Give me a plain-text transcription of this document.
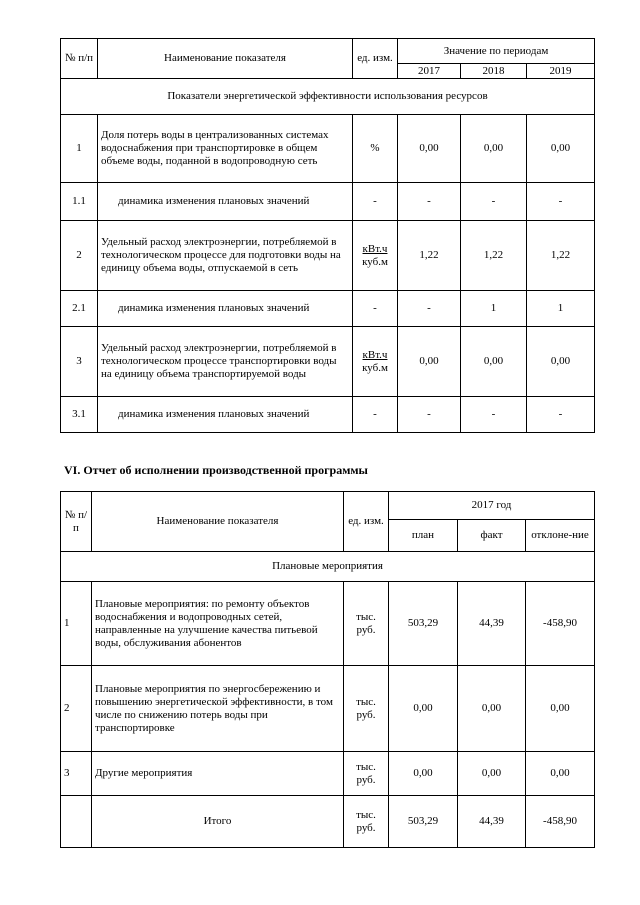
№ п/п	Наименование показателя	ед. изм.	Значение по периодам		
			2017	2018	2019
Показатели энергетической эффективности использования ресурсов					
1	Доля потерь воды в централизованных системах водоснабжения при транспортировке в общем объеме воды, поданной в водопроводную сеть	%	0,00	0,00	0,00
1.1	динамика изменения плановых значений	-	-	-	-
2	Удельный расход электроэнергии, потребляемой в технологическом процессе для подготовки воды на единицу объема воды, отпускаемой в сеть	кВт.ч
куб.м	1,22	1,22	1,22
2.1	динамика изменения плановых значений	-	-	1	1
3	Удельный расход электроэнергии, потребляемой в технологическом процессе транспортировки воды на единицу объема транспортируемой воды	кВт.ч
куб.м	0,00	0,00	0,00
3.1	динамика изменения плановых значений	-	-	-	-
VI. Отчет об исполнении производственной программы
№ п/п	Наименование показателя	ед. изм.	2017 год		
			план	факт	отклоне-ние
Плановые мероприятия					
1	Плановые мероприятия: по ремонту объектов водоснабжения и водопроводных сетей, направленные на улучшение качества питьевой воды, обслуживания абонентов	тыс. руб.	503,29	44,39	-458,90
2	Плановые мероприятия по энергосбережению и повышению энергетической эффективности, в том числе по снижению потерь воды при транспортировке	тыс. руб.	0,00	0,00	0,00
3	Другие мероприятия	тыс. руб.	0,00	0,00	0,00
	Итого	тыс. руб.	503,29	44,39	-458,90
